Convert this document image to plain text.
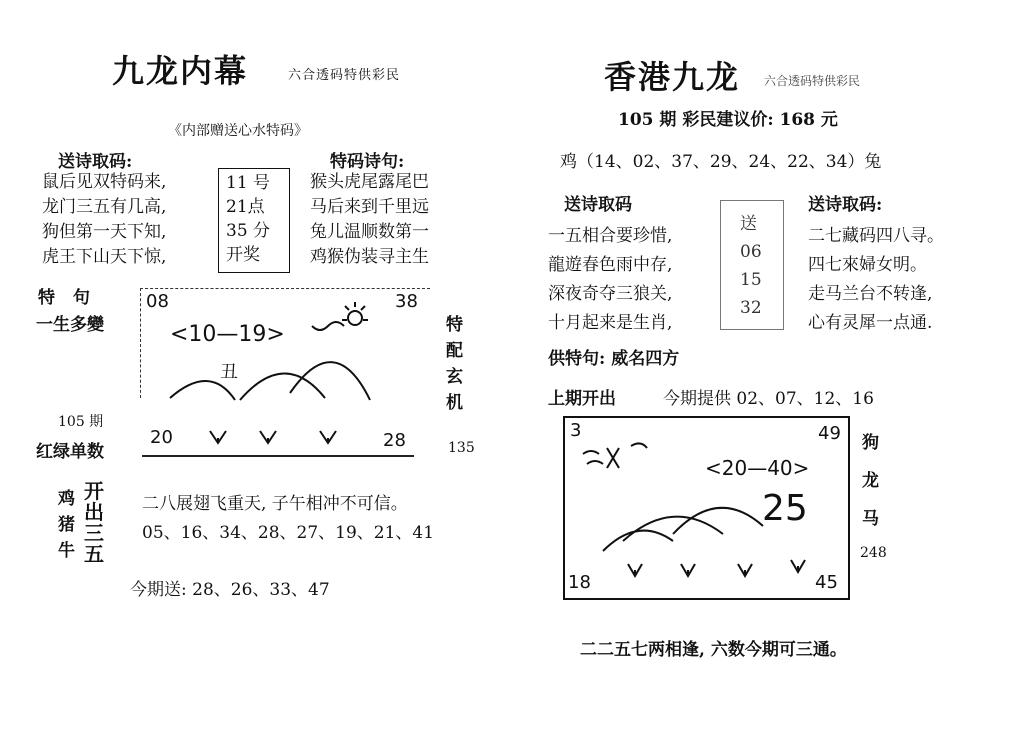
九龙内幕	六合透码特供彩民
《内部赠送心水特码》
送诗取码:
鼠后见双特码来,
龙门三五有几高,
狗但第一天下知,
虎王下山天下惊,
11 号
21点
35 分
开奖
特码诗句:
猴头虎尾露尾巴
马后来到千里远
兔儿温顺数第一
鸡猴伪装寻主生
特 句
一生多變
105 期
红绿单数
08	38
<10—19>
丑
20	28
特
配
玄
机
135
鸡
猪
牛
开
出
三
五
二八展翅飞重天, 子午相冲不可信。
05、16、34、28、27、19、21、41
今期送: 28、26、33、47
香港九龙 六合透码特供彩民
105 期 彩民建议价: 168 元
鸡（14、02、37、29、24、22、34）兔
送诗取码
一五相合要珍惜,
龍遊春色雨中存,
深夜奇夺三狼关,
十月起来是生肖,
送
06
15
32
送诗取码:
二七藏码四八寻。
四七來婦女明。
走马兰台不转逢,
心有灵犀一点通.
供特句: 威名四方
上期开出	今期提供 02、07、12、16
3	49
<20—40>
25
18	45
狗
龙
马
248
二二五七两相逢, 六数今期可三通。
